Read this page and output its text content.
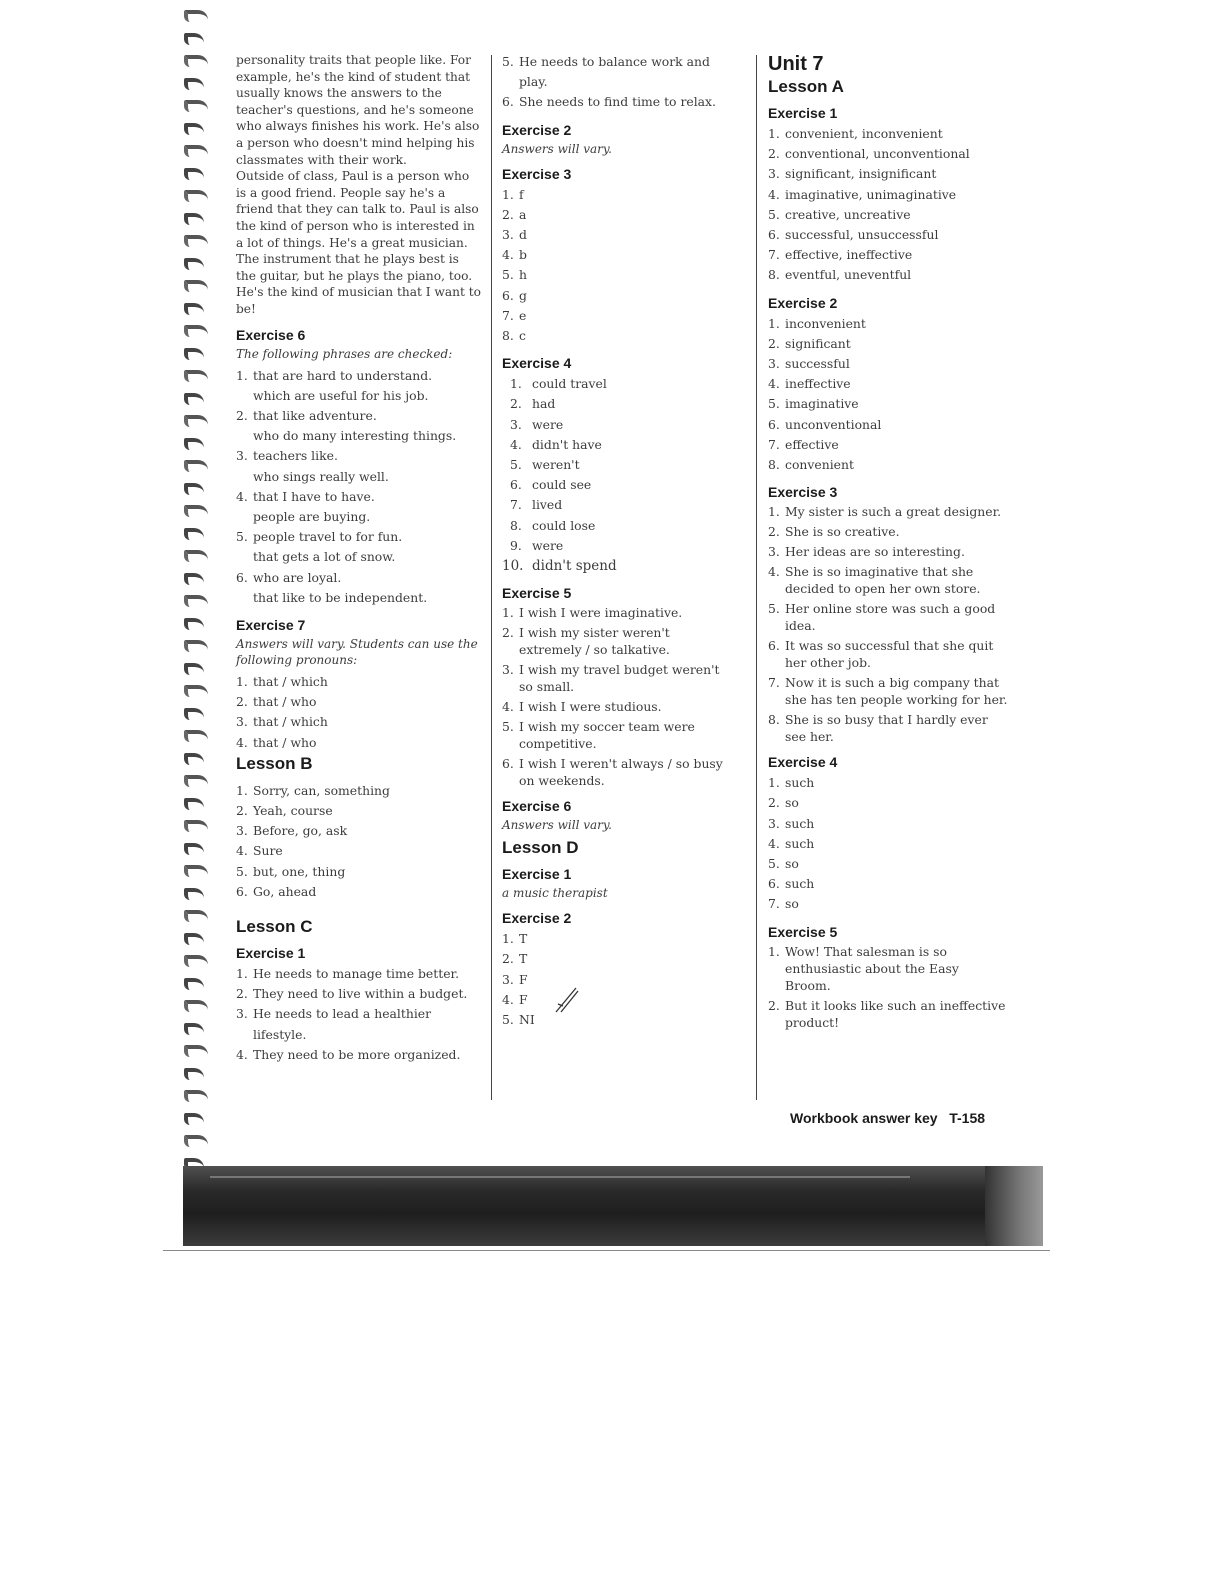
personality traits that people like. For example, he's the kind of student that usually knows the answers to the teacher's questions, and he's someone who always finishes his work. He's also a person who doesn't mind helping his classmates with their work.

Outside of class, Paul is a person who is a good friend. People say he's a friend that they can talk to. Paul is also the kind of person who is interested in a lot of things. He's a great musician. The instrument that he plays best is the guitar, but he plays the piano, too. He's the kind of musician that I want to be!

Exercise 6
The following phrases are checked:
1. that are hard to understand.
which are useful for his job.
2. that like adventure.
who do many interesting things.
3. teachers like.
who sings really well.
4. that I have to have.
people are buying.
5. people travel to for fun.
that gets a lot of snow.
6. who are loyal.
that like to be independent.
Exercise 7
Answers will vary. Students can use the following pronouns:
1. that / which
2. that / who
3. that / which
4. that / who
Lesson B
1. Sorry, can, something
2. Yeah, course
3. Before, go, ask
4. Sure
5. but, one, thing
6. Go, ahead
Lesson C
Exercise 1
1. He needs to manage time better.
2. They need to live within a budget.
3. He needs to lead a healthier lifestyle.
4. They need to be more organized.
5. He needs to balance work and play.
6. She needs to find time to relax.
Exercise 2
Answers will vary.
Exercise 3
1. f
2. a
3. d
4. b
5. h
6. g
7. e
8. c
Exercise 4
1. could travel
2. had
3. were
4. didn't have
5. weren't
6. could see
7. lived
8. could lose
9. were
10. didn't spend
Exercise 5
1. I wish I were imaginative.
2. I wish my sister weren't extremely / so talkative.
3. I wish my travel budget weren't so small.
4. I wish I were studious.
5. I wish my soccer team were competitive.
6. I wish I weren't always / so busy on weekends.
Exercise 6
Answers will vary.
Lesson D
Exercise 1
a music therapist
Exercise 2
1. T
2. T
3. F
4. F
5. NI
Unit 7
Lesson A
Exercise 1
1. convenient, inconvenient
2. conventional, unconventional
3. significant, insignificant
4. imaginative, unimaginative
5. creative, uncreative
6. successful, unsuccessful
7. effective, ineffective
8. eventful, uneventful
Exercise 2
1. inconvenient
2. significant
3. successful
4. ineffective
5. imaginative
6. unconventional
7. effective
8. convenient
Exercise 3
1. My sister is such a great designer.
2. She is so creative.
3. Her ideas are so interesting.
4. She is so imaginative that she decided to open her own store.
5. Her online store was such a good idea.
6. It was so successful that she quit her other job.
7. Now it is such a big company that she has ten people working for her.
8. She is so busy that I hardly ever see her.
Exercise 4
1. such
2. so
3. such
4. such
5. so
6. such
7. so
Exercise 5
1. Wow! That salesman is so enthusiastic about the Easy Broom.
2. But it looks like such an ineffective product!
Workbook answer key   T-158
